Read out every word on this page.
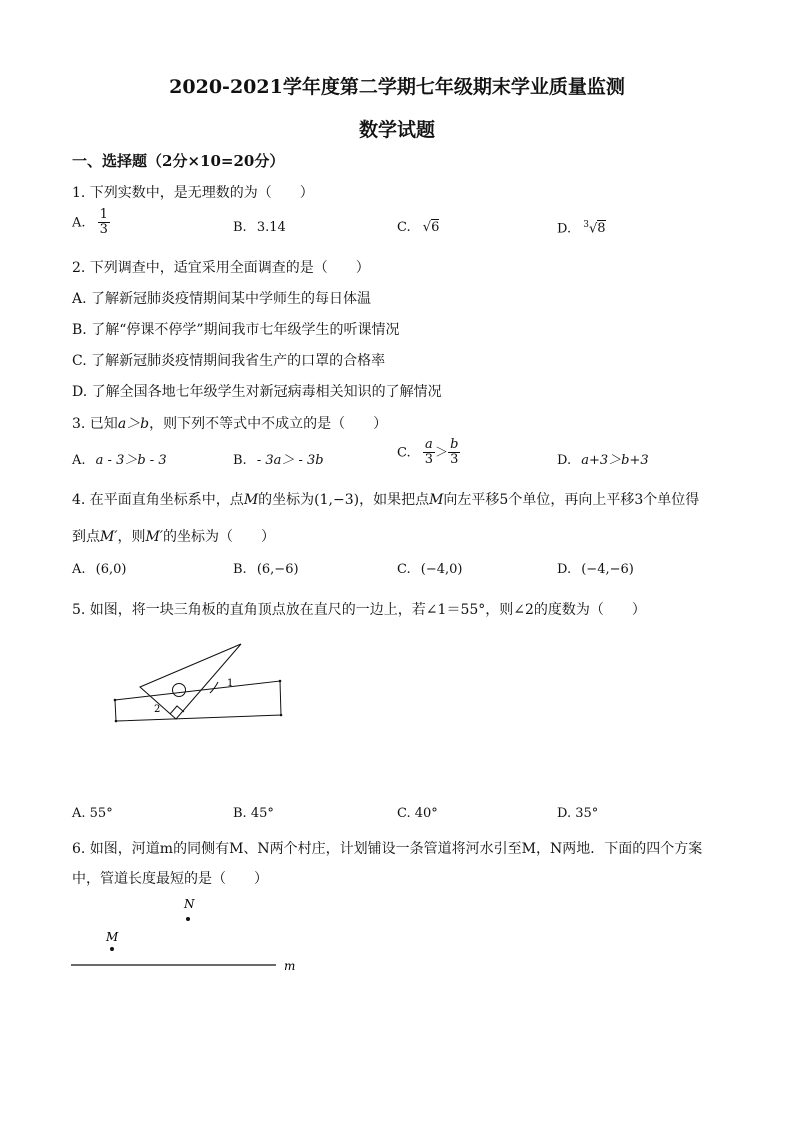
2020-2021学年度第二学期七年级期末学业质量监测
数学试题
一、选择题（2分×10=20分）
1. 下列实数中，是无理数的为（　　）
A. $\frac{1}{3}$	B. 3.14	C. √6	D. $^3$√8
2. 下列调查中，适宜采用全面调查的是（　　）
A. 了解新冠肺炎疫情期间某中学师生的每日体温
B. 了解“停课不停学”期间我市七年级学生的听课情况
C. 了解新冠肺炎疫情期间我省生产的口罩的合格率
D. 了解全国各地七年级学生对新冠病毒相关知识的了解情况
3. 已知a＞b，则下列不等式中不成立的是（　　）
A. a - 3＞b - 3	B. - 3a＞ - 3b
C. $\frac{a}{3} > \frac{b}{3}$	D. a+3＞b+3
4. 在平面直角坐标系中，点M的坐标为(1,−3)，如果把点M向左平移5个单位，再向上平移3个单位得
到点M′，则M′的坐标为（　　）
A. (6,0)	B. (6,−6)	C. (−4,0)	D. (−4,−6)
5. 如图，将一块三角板的直角顶点放在直尺的一边上，若∠1＝55°，则∠2的度数为（　　）
1
2
A. 55°	B. 45°	C. 40°	D. 35°
6. 如图，河道m的同侧有M、N两个村庄，计划铺设一条管道将河水引至M，N两地．下面的四个方案
中，管道长度最短的是（　　）
N
M
m
